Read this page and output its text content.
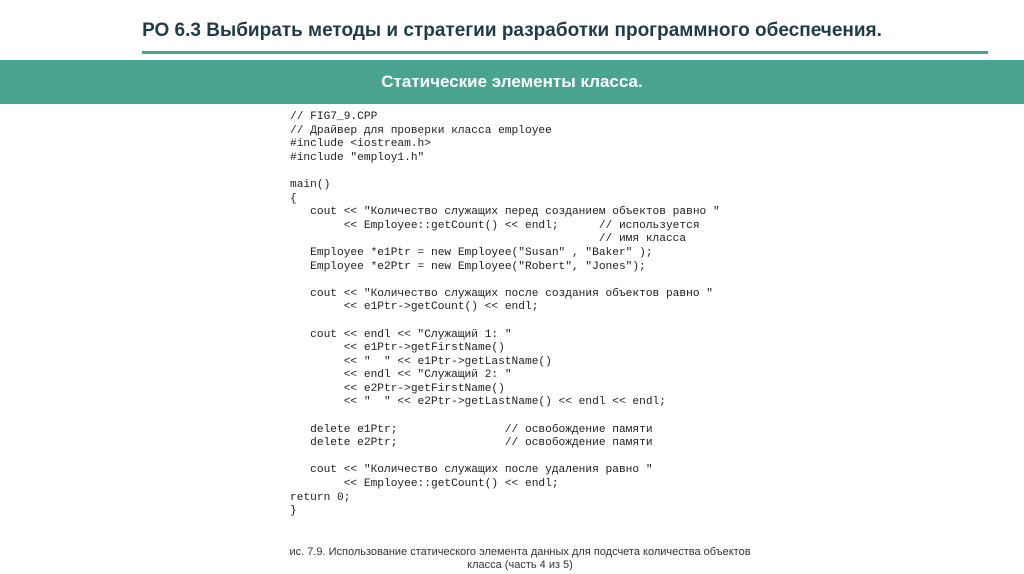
РО 6.3 Выбирать методы и стратегии разработки программного обеспечения.
Статические элементы класса.
// FIG7_9.CPP
// Драйвер для проверки класса employee
#include <iostream.h>
#include "employ1.h"
main()
{
cout << "Количество служащих перед созданием объектов равно "
<< Employee::getCount() << endl;      // используется
// имя класса
Employee *e1Ptr = new Employee("Susan" , "Baker" );
Employee *e2Ptr = new Employee("Robert", "Jones");
cout << "Количество служащих после создания объектов равно "
<< e1Ptr->getCount() << endl;
cout << endl << "Служащий 1: "
<< e1Ptr->getFirstName()
<< "  " << e1Ptr->getLastName()
<< endl << "Служащий 2: "
<< e2Ptr->getFirstName()
<< "  " << e2Ptr->getLastName() << endl << endl;
delete e1Ptr;                // освобождение памяти
delete e2Ptr;                // освобождение памяти
cout << "Количество служащих после удаления равно "
<< Employee::getCount() << endl;
return 0;
}
ис. 7.9. Использование статического элемента данных для подсчета количества объектов
класса (часть 4 из 5)
